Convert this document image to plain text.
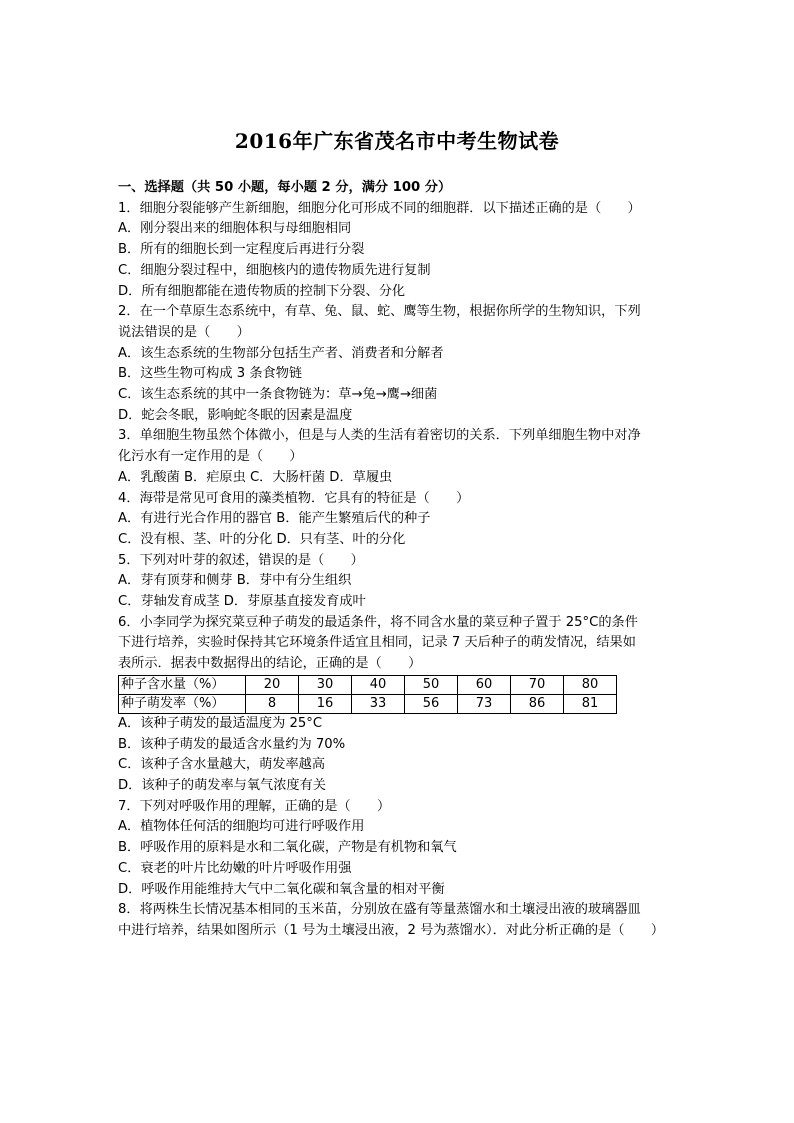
2016年广东省茂名市中考生物试卷
一、选择题（共 50 小题，每小题 2 分，满分 100 分）
1．细胞分裂能够产生新细胞，细胞分化可形成不同的细胞群．以下描述正确的是（　　）
A．刚分裂出来的细胞体积与母细胞相同
B．所有的细胞长到一定程度后再进行分裂
C．细胞分裂过程中，细胞核内的遗传物质先进行复制
D．所有细胞都能在遗传物质的控制下分裂、分化
2．在一个草原生态系统中，有草、兔、鼠、蛇、鹰等生物，根据你所学的生物知识，下列
说法错误的是（　　）
A．该生态系统的生物部分包括生产者、消费者和分解者
B．这些生物可构成 3 条食物链
C．该生态系统的其中一条食物链为：草→兔→鹰→细菌
D．蛇会冬眠，影响蛇冬眠的因素是温度
3．单细胞生物虽然个体微小，但是与人类的生活有着密切的关系．下列单细胞生物中对净
化污水有一定作用的是（　　）
A．乳酸菌 B．疟原虫 C．大肠杆菌 D．草履虫
4．海带是常见可食用的藻类植物．它具有的特征是（　　）
A．有进行光合作用的器官 B．能产生繁殖后代的种子
C．没有根、茎、叶的分化 D．只有茎、叶的分化
5．下列对叶芽的叙述，错误的是（　　）
A．芽有顶芽和侧芽 B．芽中有分生组织
C．芽轴发育成茎 D．芽原基直接发育成叶
6．小李同学为探究菜豆种子萌发的最适条件，将不同含水量的菜豆种子置于 25°C的条件
下进行培养，实验时保持其它环境条件适宜且相同，记录 7 天后种子的萌发情况，结果如
表所示．据表中数据得出的结论，正确的是（　　）
种子含水量（%）	20	30	40	50	60	70	80
种子萌发率（%）	8	16	33	56	73	86	81
A．该种子萌发的最适温度为 25°C
B．该种子萌发的最适含水量约为 70%
C．该种子含水量越大，萌发率越高
D．该种子的萌发率与氧气浓度有关
7．下列对呼吸作用的理解，正确的是（　　）
A．植物体任何活的细胞均可进行呼吸作用
B．呼吸作用的原料是水和二氧化碳，产物是有机物和氧气
C．衰老的叶片比幼嫩的叶片呼吸作用强
D．呼吸作用能维持大气中二氧化碳和氧含量的相对平衡
8．将两株生长情况基本相同的玉米苗，分别放在盛有等量蒸馏水和土壤浸出液的玻璃器皿
中进行培养，结果如图所示（1 号为土壤浸出液，2 号为蒸馏水）．对此分析正确的是（　　）
